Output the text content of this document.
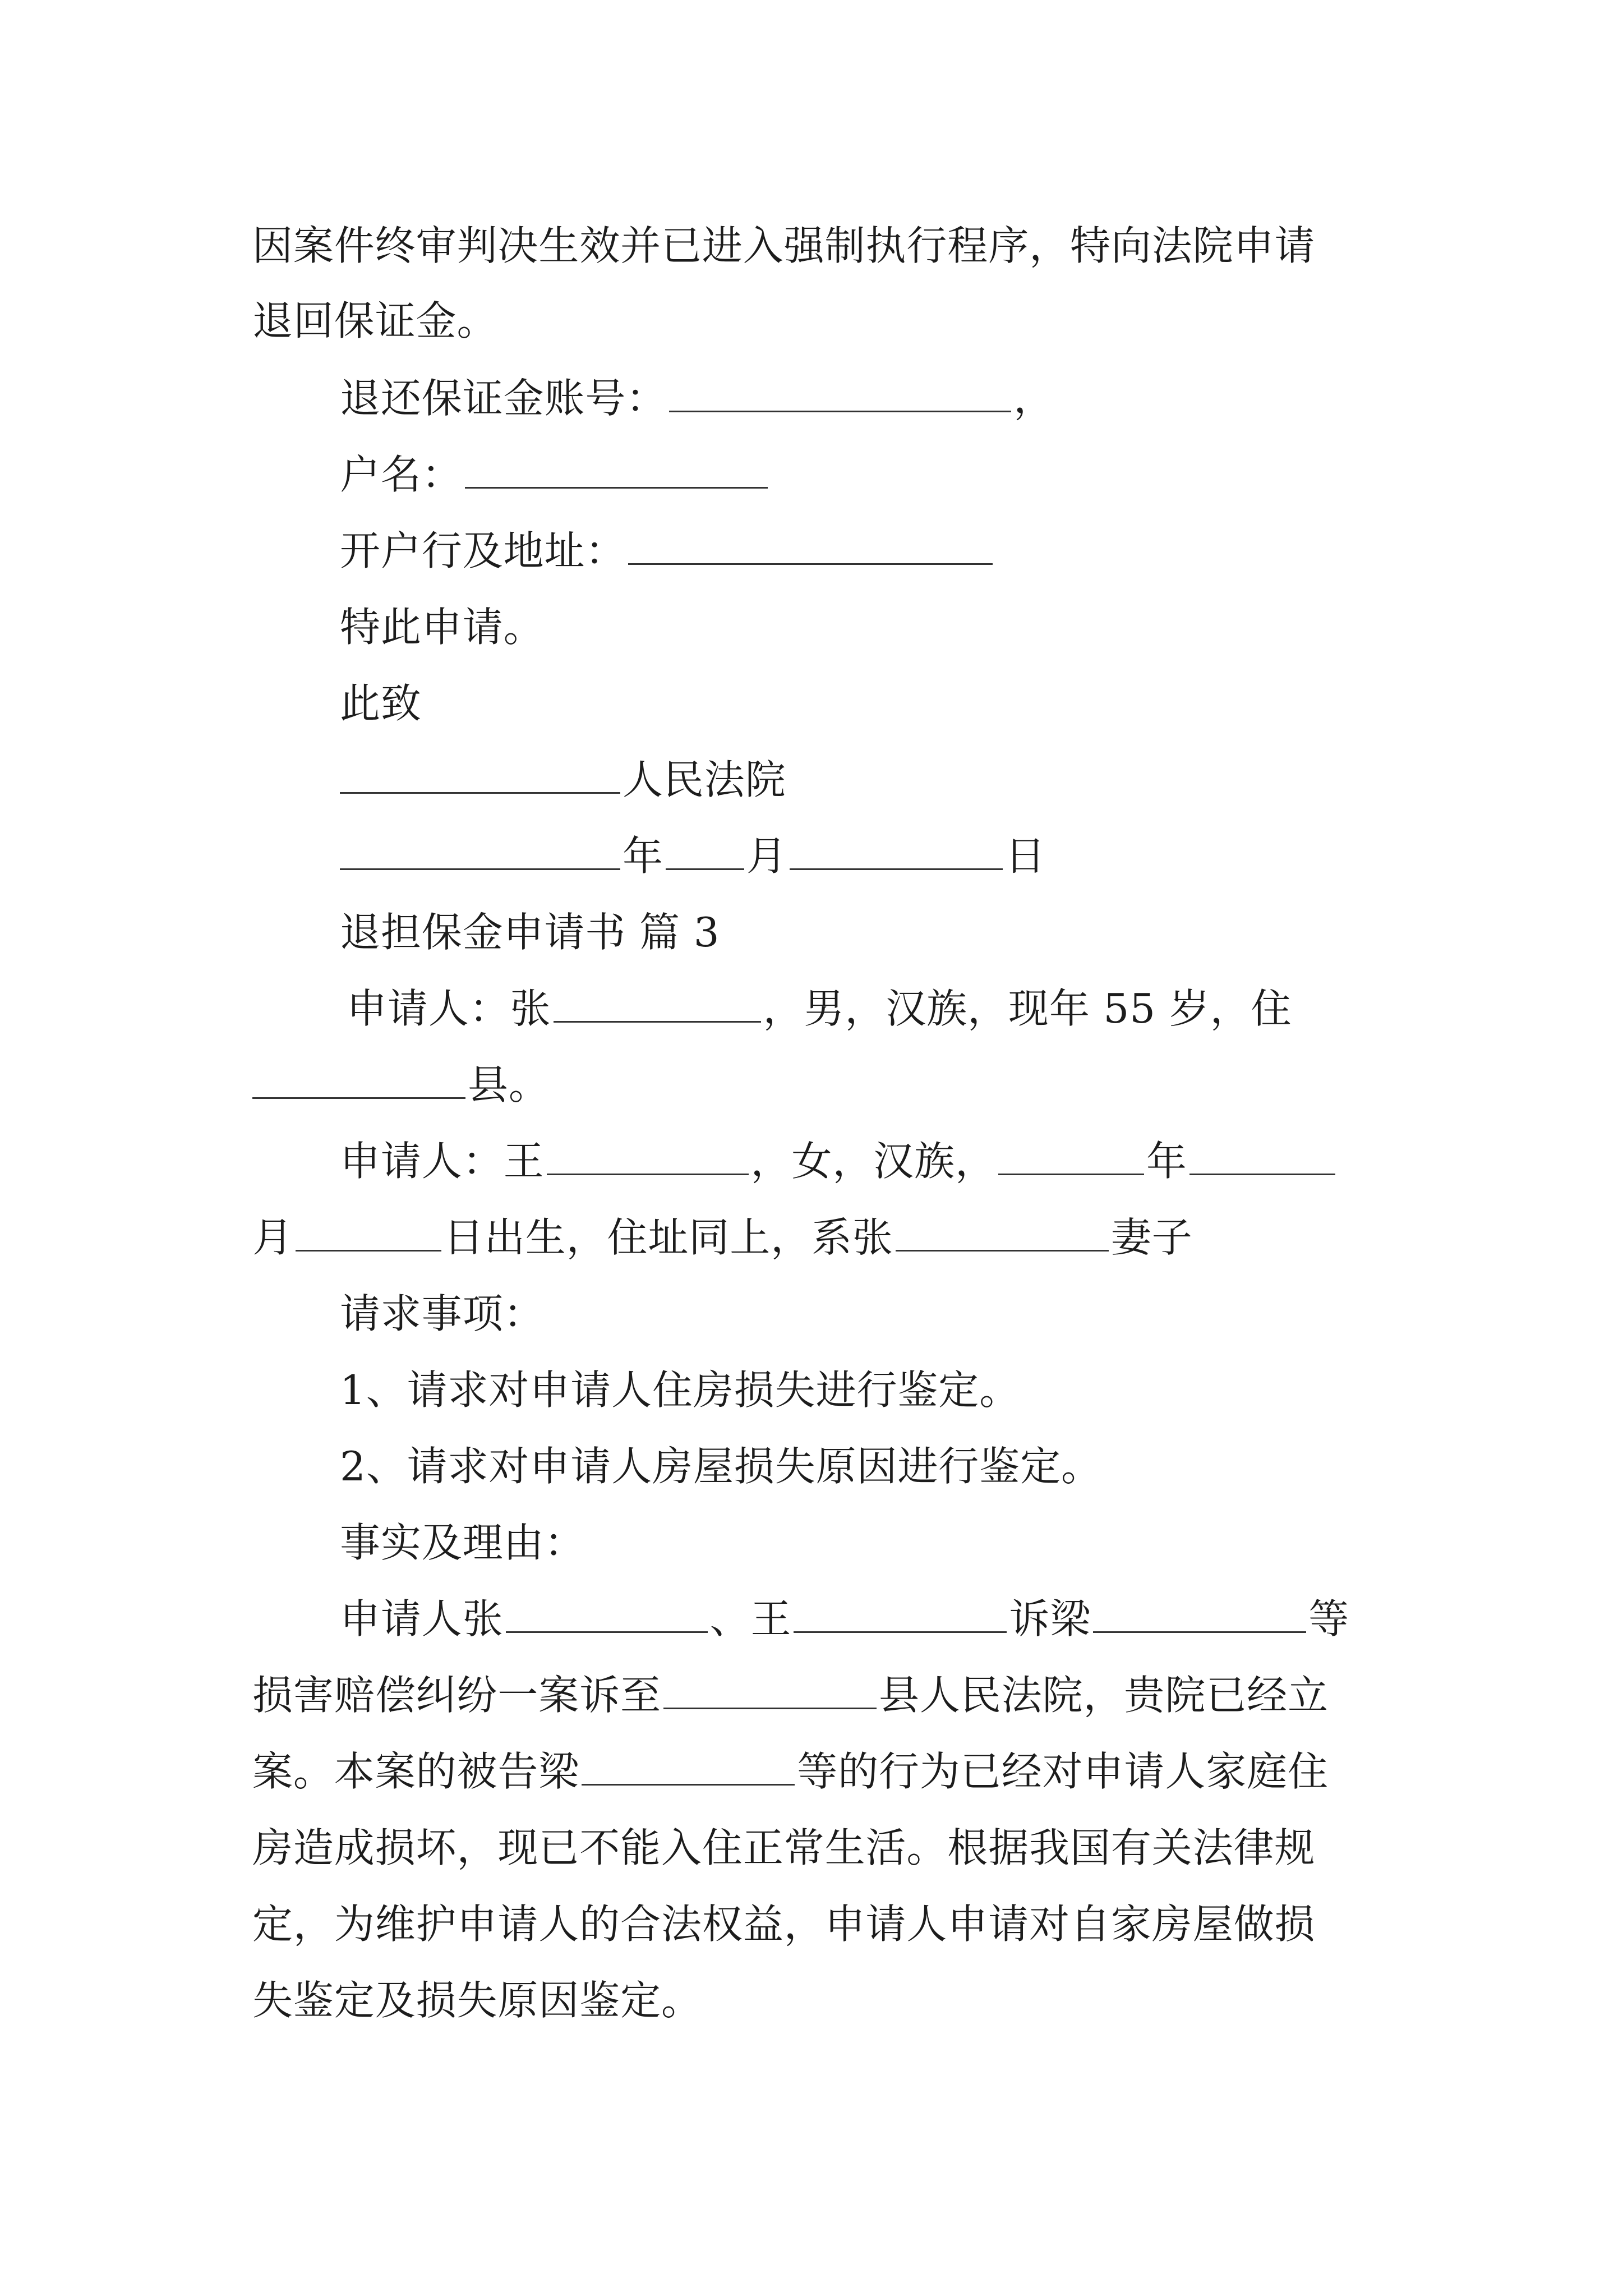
因案件终审判决生效并已进入强制执行程序，特向法院申请
退回保证金。
退还保证金账号：	，
户名：
开户行及地址：
特此申请。
此致
人民法院
年 月	日
退担保金申请书 篇 3
申请人：张	，男，汉族，现年 55 岁，住
县。
申请人：王	，女，汉族，	年
月	日出生，住址同上，系张	妻子
请求事项：
1、请求对申请人住房损失进行鉴定。
2、请求对申请人房屋损失原因进行鉴定。
事实及理由：
申请人张	、王	诉梁	等
损害赔偿纠纷一案诉至	县人民法院，贵院已经立
案。本案的被告梁	等的行为已经对申请人家庭住
房造成损坏，现已不能入住正常生活。根据我国有关法律规
定，为维护申请人的合法权益，申请人申请对自家房屋做损
失鉴定及损失原因鉴定。
